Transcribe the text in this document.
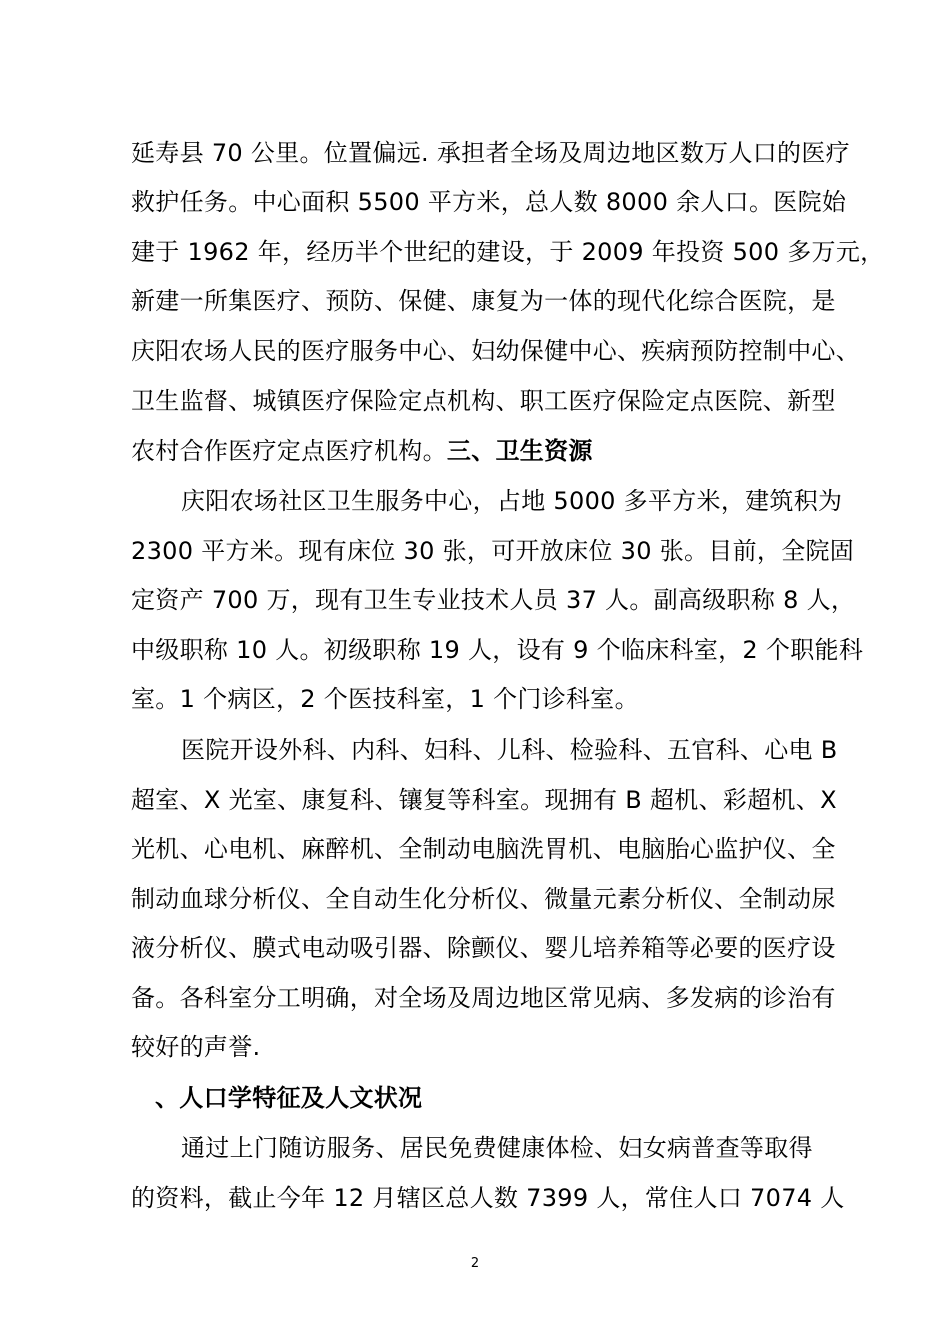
延寿县 70 公里。位置偏远. 承担者全场及周边地区数万人口的医疗
救护任务。中心面积 5500 平方米，总人数 8000 余人口。医院始
建于 1962 年，经历半个世纪的建设，于 2009 年投资 500 多万元，
新建一所集医疗、预防、保健、康复为一体的现代化综合医院，是
庆阳农场人民的医疗服务中心、妇幼保健中心、疾病预防控制中心、
卫生监督、城镇医疗保险定点机构、职工医疗保险定点医院、新型
农村合作医疗定点医疗机构。三、卫生资源
庆阳农场社区卫生服务中心，占地 5000 多平方米，建筑积为
2300 平方米。现有床位 30 张，可开放床位 30 张。目前，全院固
定资产 700 万，现有卫生专业技术人员 37 人。副高级职称 8 人，
中级职称 10 人。初级职称 19 人，设有 9 个临床科室，2 个职能科
室。1 个病区，2 个医技科室，1 个门诊科室。
医院开设外科、内科、妇科、儿科、检验科、五官科、心电 B
超室、X 光室、康复科、镶复等科室。现拥有 B 超机、彩超机、X
光机、心电机、麻醉机、全制动电脑洗胃机、电脑胎心监护仪、全
制动血球分析仪、全自动生化分析仪、微量元素分析仪、全制动尿
液分析仪、膜式电动吸引器、除颤仪、婴儿培养箱等必要的医疗设
备。各科室分工明确，对全场及周边地区常见病、多发病的诊治有
较好的声誉.
、人口学特征及人文状况
通过上门随访服务、居民免费健康体检、妇女病普查等取得
的资料，截止今年 12 月辖区总人数 7399 人，常住人口 7074 人
2
